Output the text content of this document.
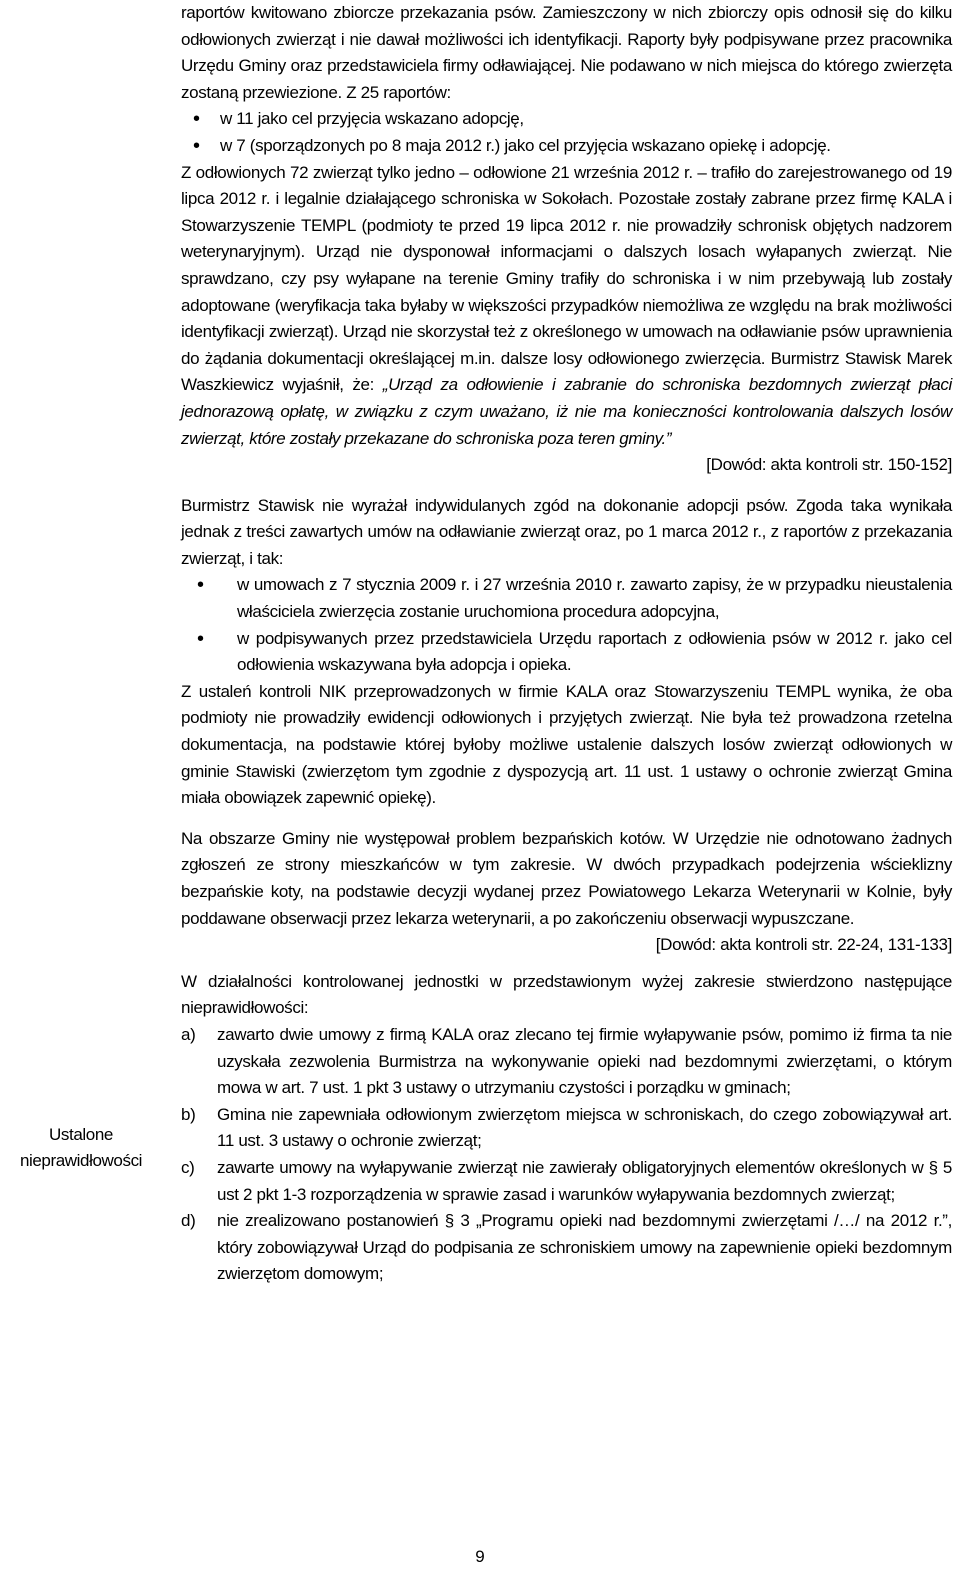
Ustalone
nieprawidłowości

raportów kwitowano zbiorcze przekazania psów. Zamieszczony w nich zbiorczy opis odnosił się do kilku odłowionych zwierząt i nie dawał możliwości ich identyfikacji. Raporty były podpisywane przez pracownika Urzędu Gminy oraz przedstawiciela firmy odławiającej. Nie podawano w nich miejsca do którego zwierzęta zostaną przewiezione. Z 25 raportów:

• w 11 jako cel przyjęcia wskazano adopcję,
• w 7 (sporządzonych po 8 maja 2012 r.) jako cel przyjęcia wskazano opiekę i adopcję.

Z odłowionych 72 zwierząt tylko jedno – odłowione 21 września 2012 r. – trafiło do zarejestrowanego od 19 lipca 2012 r. i legalnie działającego schroniska w Sokołach. Pozostałe zostały zabrane przez firmę KALA i Stowarzyszenie TEMPL (podmioty te przed 19 lipca 2012 r. nie prowadziły schronisk objętych nadzorem weterynaryjnym). Urząd nie dysponował informacjami o dalszych losach wyłapanych zwierząt. Nie sprawdzano, czy psy wyłapane na terenie Gminy trafiły do schroniska i w nim przebywają lub zostały adoptowane (weryfikacja taka byłaby w większości przypadków niemożliwa ze względu na brak możliwości identyfikacji zwierząt). Urząd nie skorzystał też z określonego w umowach na odławianie psów uprawnienia do żądania dokumentacji określającej m.in. dalsze losy odłowionego zwierzęcia. Burmistrz Stawisk Marek Waszkiewicz wyjaśnił, że: „Urząd za odłowienie i zabranie do schroniska bezdomnych zwierząt płaci jednorazową opłatę, w związku z czym uważano, iż nie ma konieczności kontrolowania dalszych losów zwierząt, które zostały przekazane do schroniska poza teren gminy.”

[Dowód: akta kontroli str. 150-152]

Burmistrz Stawisk nie wyrażał indywidulanych zgód na dokonanie adopcji psów. Zgoda taka wynikała jednak z treści zawartych umów na odławianie zwierząt oraz, po 1 marca 2012 r., z raportów z przekazania zwierząt, i tak:

• w umowach z 7 stycznia 2009 r. i 27 września 2010 r. zawarto zapisy, że w przypadku nieustalenia właściciela zwierzęcia zostanie uruchomiona procedura adopcyjna,
• w podpisywanych przez przedstawiciela Urzędu raportach z odłowienia psów w 2012 r. jako cel odłowienia wskazywana była adopcja i opieka.

Z ustaleń kontroli NIK przeprowadzonych w firmie KALA oraz Stowarzyszeniu TEMPL wynika, że oba podmioty nie prowadziły ewidencji odłowionych i przyjętych zwierząt. Nie była też prowadzona rzetelna dokumentacja, na podstawie której byłoby możliwe ustalenie dalszych losów zwierząt odłowionych w gminie Stawiski (zwierzętom tym zgodnie z dyspozycją art. 11 ust. 1 ustawy o ochronie zwierząt Gmina miała obowiązek zapewnić opiekę).

Na obszarze Gminy nie występował problem bezpańskich kotów. W Urzędzie nie odnotowano żadnych zgłoszeń ze strony mieszkańców w tym zakresie. W dwóch przypadkach podejrzenia wścieklizny bezpańskie koty, na podstawie decyzji wydanej przez Powiatowego Lekarza Weterynarii w Kolnie, były poddawane obserwacji przez lekarza weterynarii, a po zakończeniu obserwacji wypuszczane.

[Dowód: akta kontroli str. 22-24, 131-133]

W działalności kontrolowanej jednostki w przedstawionym wyżej zakresie stwierdzono następujące nieprawidłowości:

a) zawarto dwie umowy z firmą KALA oraz zlecano tej firmie wyłapywanie psów, pomimo iż firma ta nie uzyskała zezwolenia Burmistrza na wykonywanie opieki nad bezdomnymi zwierzętami, o którym mowa w art. 7 ust. 1 pkt 3 ustawy o utrzymaniu czystości i porządku w gminach;
b) Gmina nie zapewniała odłowionym zwierzętom miejsca w schroniskach, do czego zobowiązywał art. 11 ust. 3 ustawy o ochronie zwierząt;
c) zawarte umowy na wyłapywanie zwierząt nie zawierały obligatoryjnych elementów określonych w § 5 ust 2 pkt 1-3 rozporządzenia w sprawie zasad i warunków wyłapywania bezdomnych zwierząt;
d) nie zrealizowano postanowień § 3 „Programu opieki nad bezdomnymi zwierzętami /…/ na 2012 r.”, który zobowiązywał Urząd do podpisania ze schroniskiem umowy na zapewnienie opieki bezdomnym zwierzętom domowym;
9
